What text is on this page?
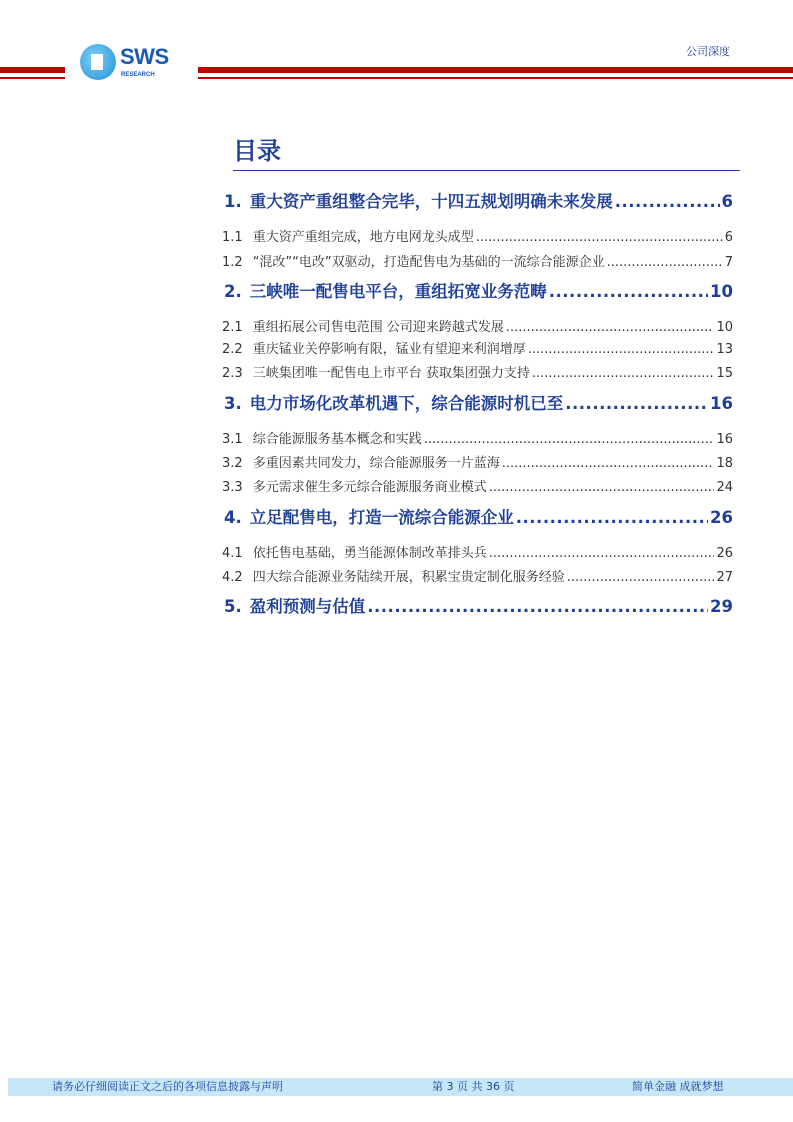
SWS
RESEARCH
公司深度
目录
1. 重大资产重组整合完毕，十四五规划明确未来发展 .....	6
1.1 重大资产重组完成，地方电网龙头成型 .....	6
1.2 “混改”“电改”双驱动，打造配售电为基础的一流综合能源企业 .....	7
2. 三峡唯一配售电平台，重组拓宽业务范畴 .....	10
2.1 重组拓展公司售电范围 公司迎来跨越式发展 .....	10
2.2 重庆锰业关停影响有限，锰业有望迎来利润增厚 .....	13
2.3 三峡集团唯一配售电上市平台 获取集团强力支持 .....	15
3. 电力市场化改革机遇下，综合能源时机已至 .....	16
3.1 综合能源服务基本概念和实践 .....	16
3.2 多重因素共同发力，综合能源服务一片蓝海 .....	18
3.3 多元需求催生多元综合能源服务商业模式 .....	24
4. 立足配售电，打造一流综合能源企业 .....	26
4.1 依托售电基础，勇当能源体制改革排头兵 .....	26
4.2 四大综合能源业务陆续开展，积累宝贵定制化服务经验 .....	27
5. 盈利预测与估值 .....	29
请务必仔细阅读正文之后的各项信息披露与声明	第 3 页 共 36 页	简单金融 成就梦想
